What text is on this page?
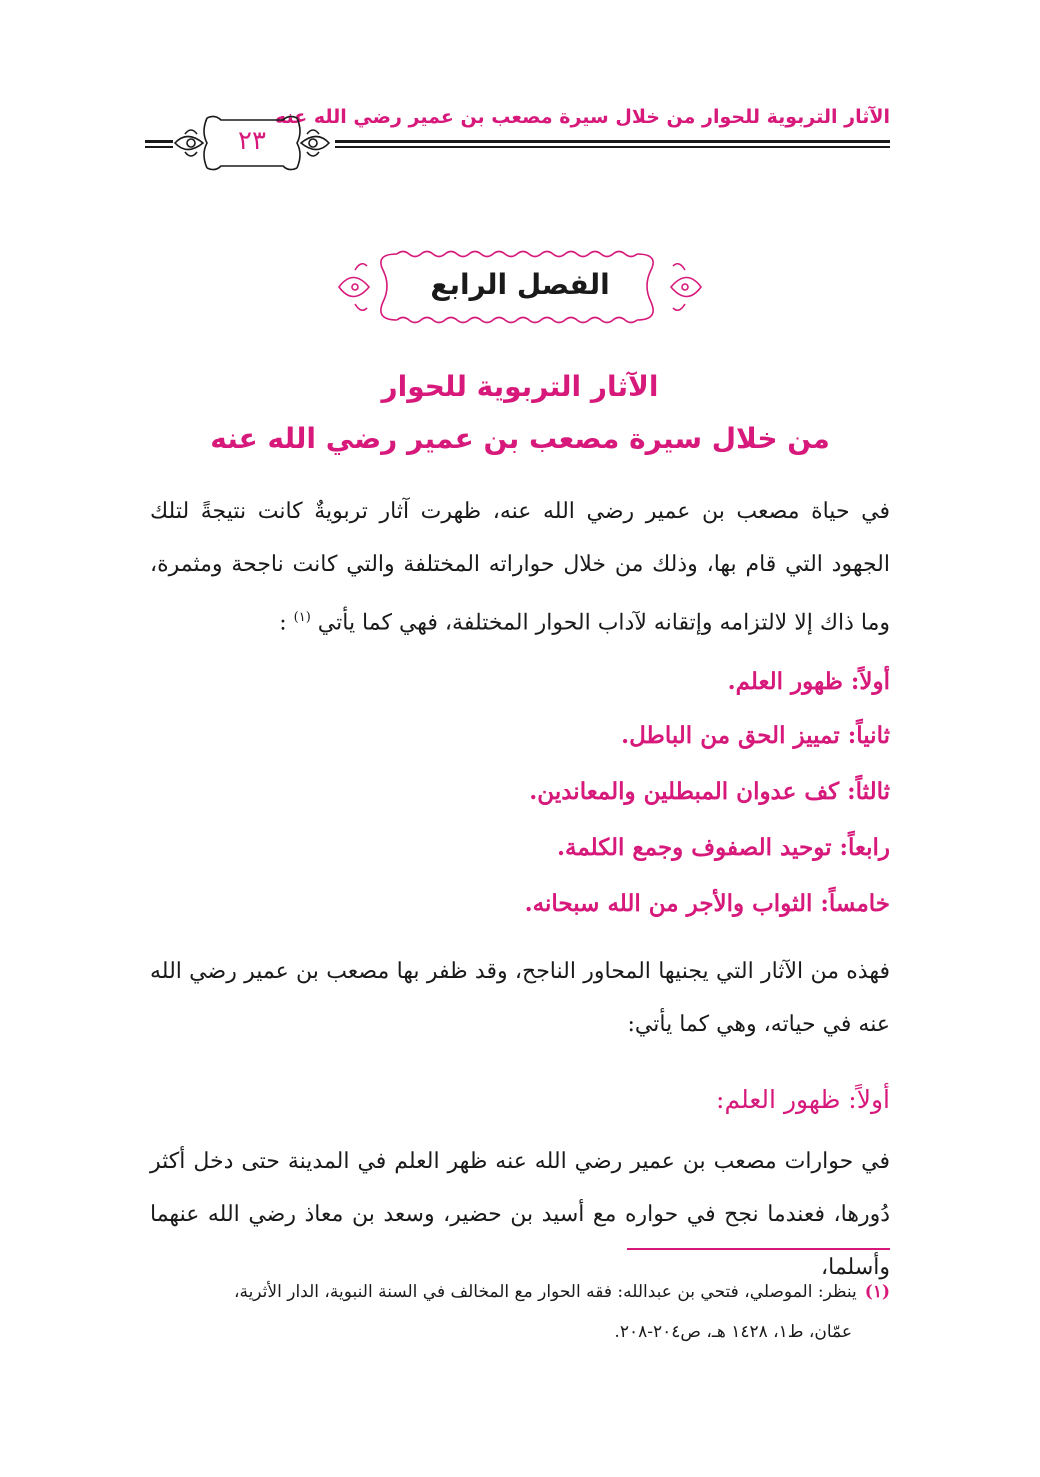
الآثار التربوية للحوار من خلال سيرة مصعب بن عمير رضي الله عنه
٢٣
الفصل الرابع
الآثار التربوية للحوار
من خلال سيرة مصعب بن عمير رضي الله عنه
في حياة مصعب بن عمير رضي الله عنه، ظهرت آثار تربويةٌ كانت نتيجةً لتلك الجهود التي قام بها، وذلك من خلال حواراته المختلفة والتي كانت ناجحة ومثمرة، وما ذاك إلا لالتزامه وإتقانه لآداب الحوار المختلفة، فهي كما يأتي $^{(١)}$ :
أولاً: ظهور العلم.
ثانياً: تمييز الحق من الباطل.
ثالثاً: كف عدوان المبطلين والمعاندين.
رابعاً: توحيد الصفوف وجمع الكلمة.
خامساً: الثواب والأجر من الله سبحانه.
فهذه من الآثار التي يجنيها المحاور الناجح، وقد ظفر بها مصعب بن عمير رضي الله عنه في حياته، وهي كما يأتي:
أولاً: ظهور العلم:
في حوارات مصعب بن عمير رضي الله عنه ظهر العلم في المدينة حتى دخل أكثر دُورها، فعندما نجح في حواره مع أسيد بن حضير، وسعد بن معاذ رضي الله عنهما وأسلما،
(١)ينظر: الموصلي، فتحي بن عبدالله: فقه الحوار مع المخالف في السنة النبوية، الدار الأثرية،
عمّان، ط١، ١٤٢٨ هـ، ص٢٠٤-٢٠٨.
